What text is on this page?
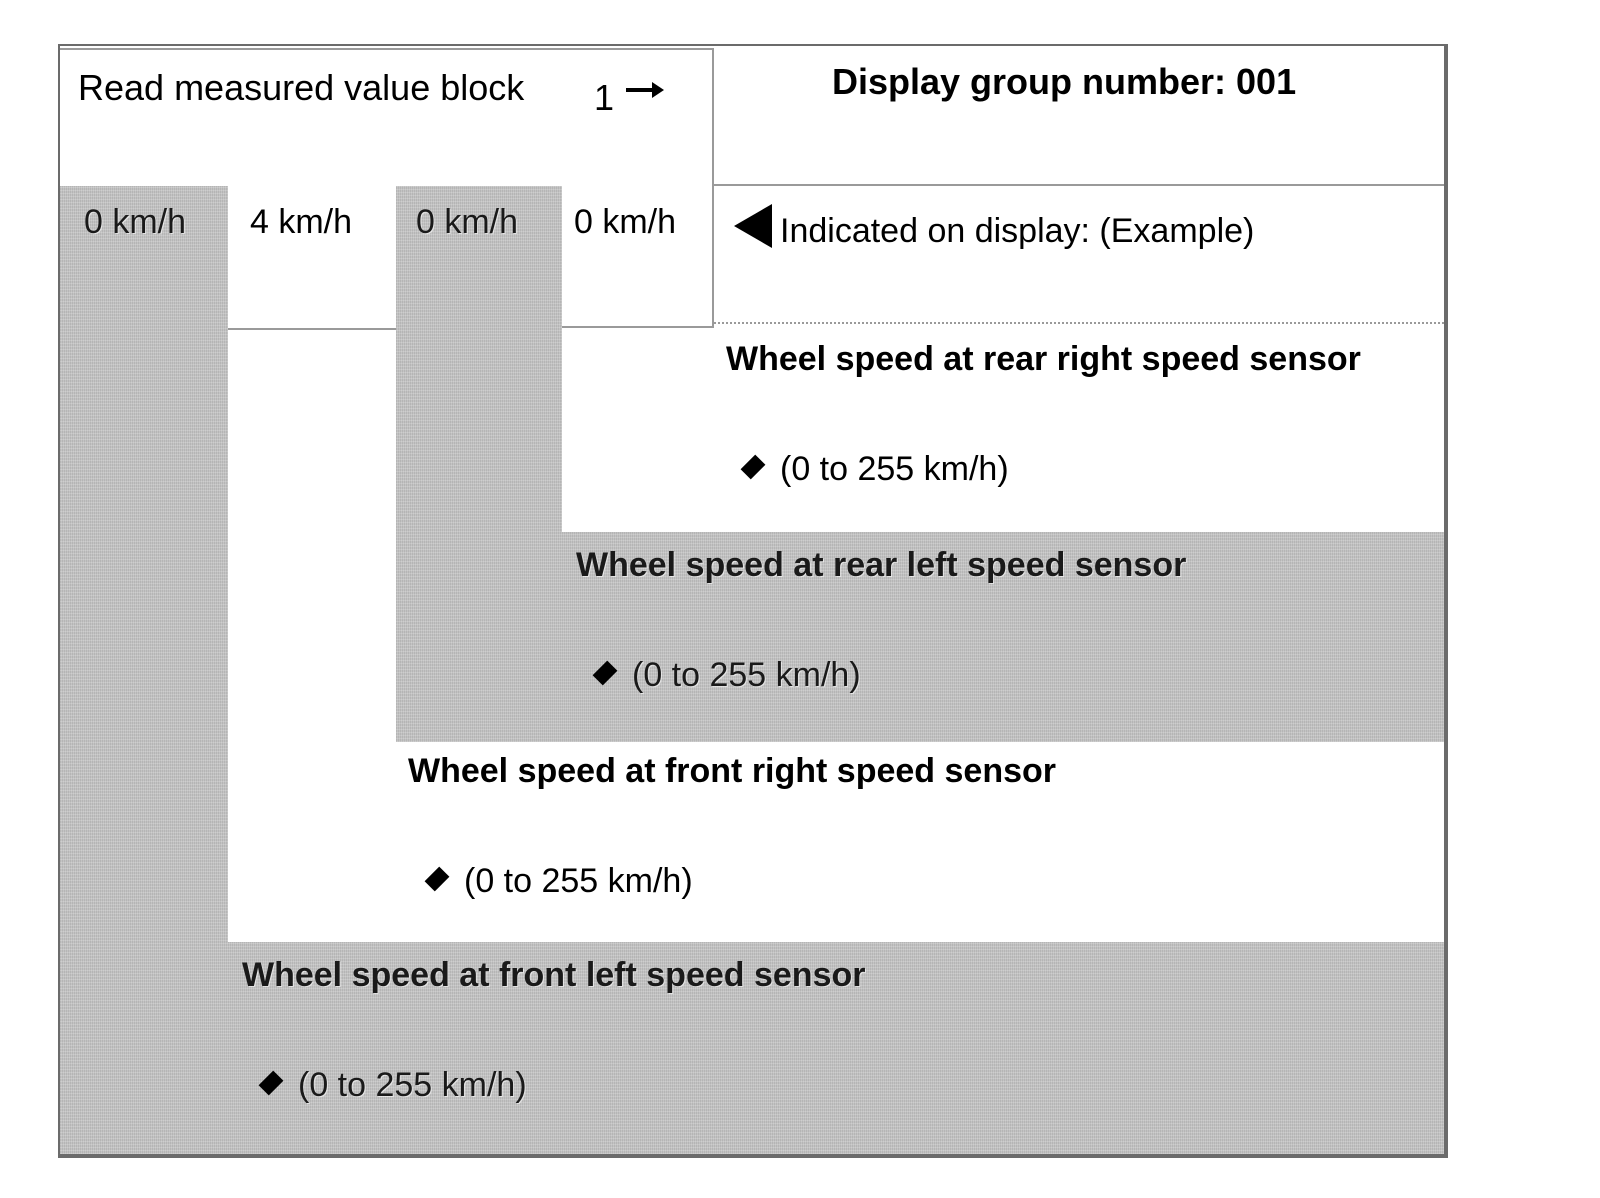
Read measured value block 1	Display group number: 001
0 km/h 4 km/h 0 km/h 0 km/h	Indicated on display: (Example)
Wheel speed at rear right speed sensor
(0 to 255 km/h)
Wheel speed at rear left speed sensor
(0 to 255 km/h)
Wheel speed at front right speed sensor
(0 to 255 km/h)
Wheel speed at front left speed sensor
(0 to 255 km/h)
